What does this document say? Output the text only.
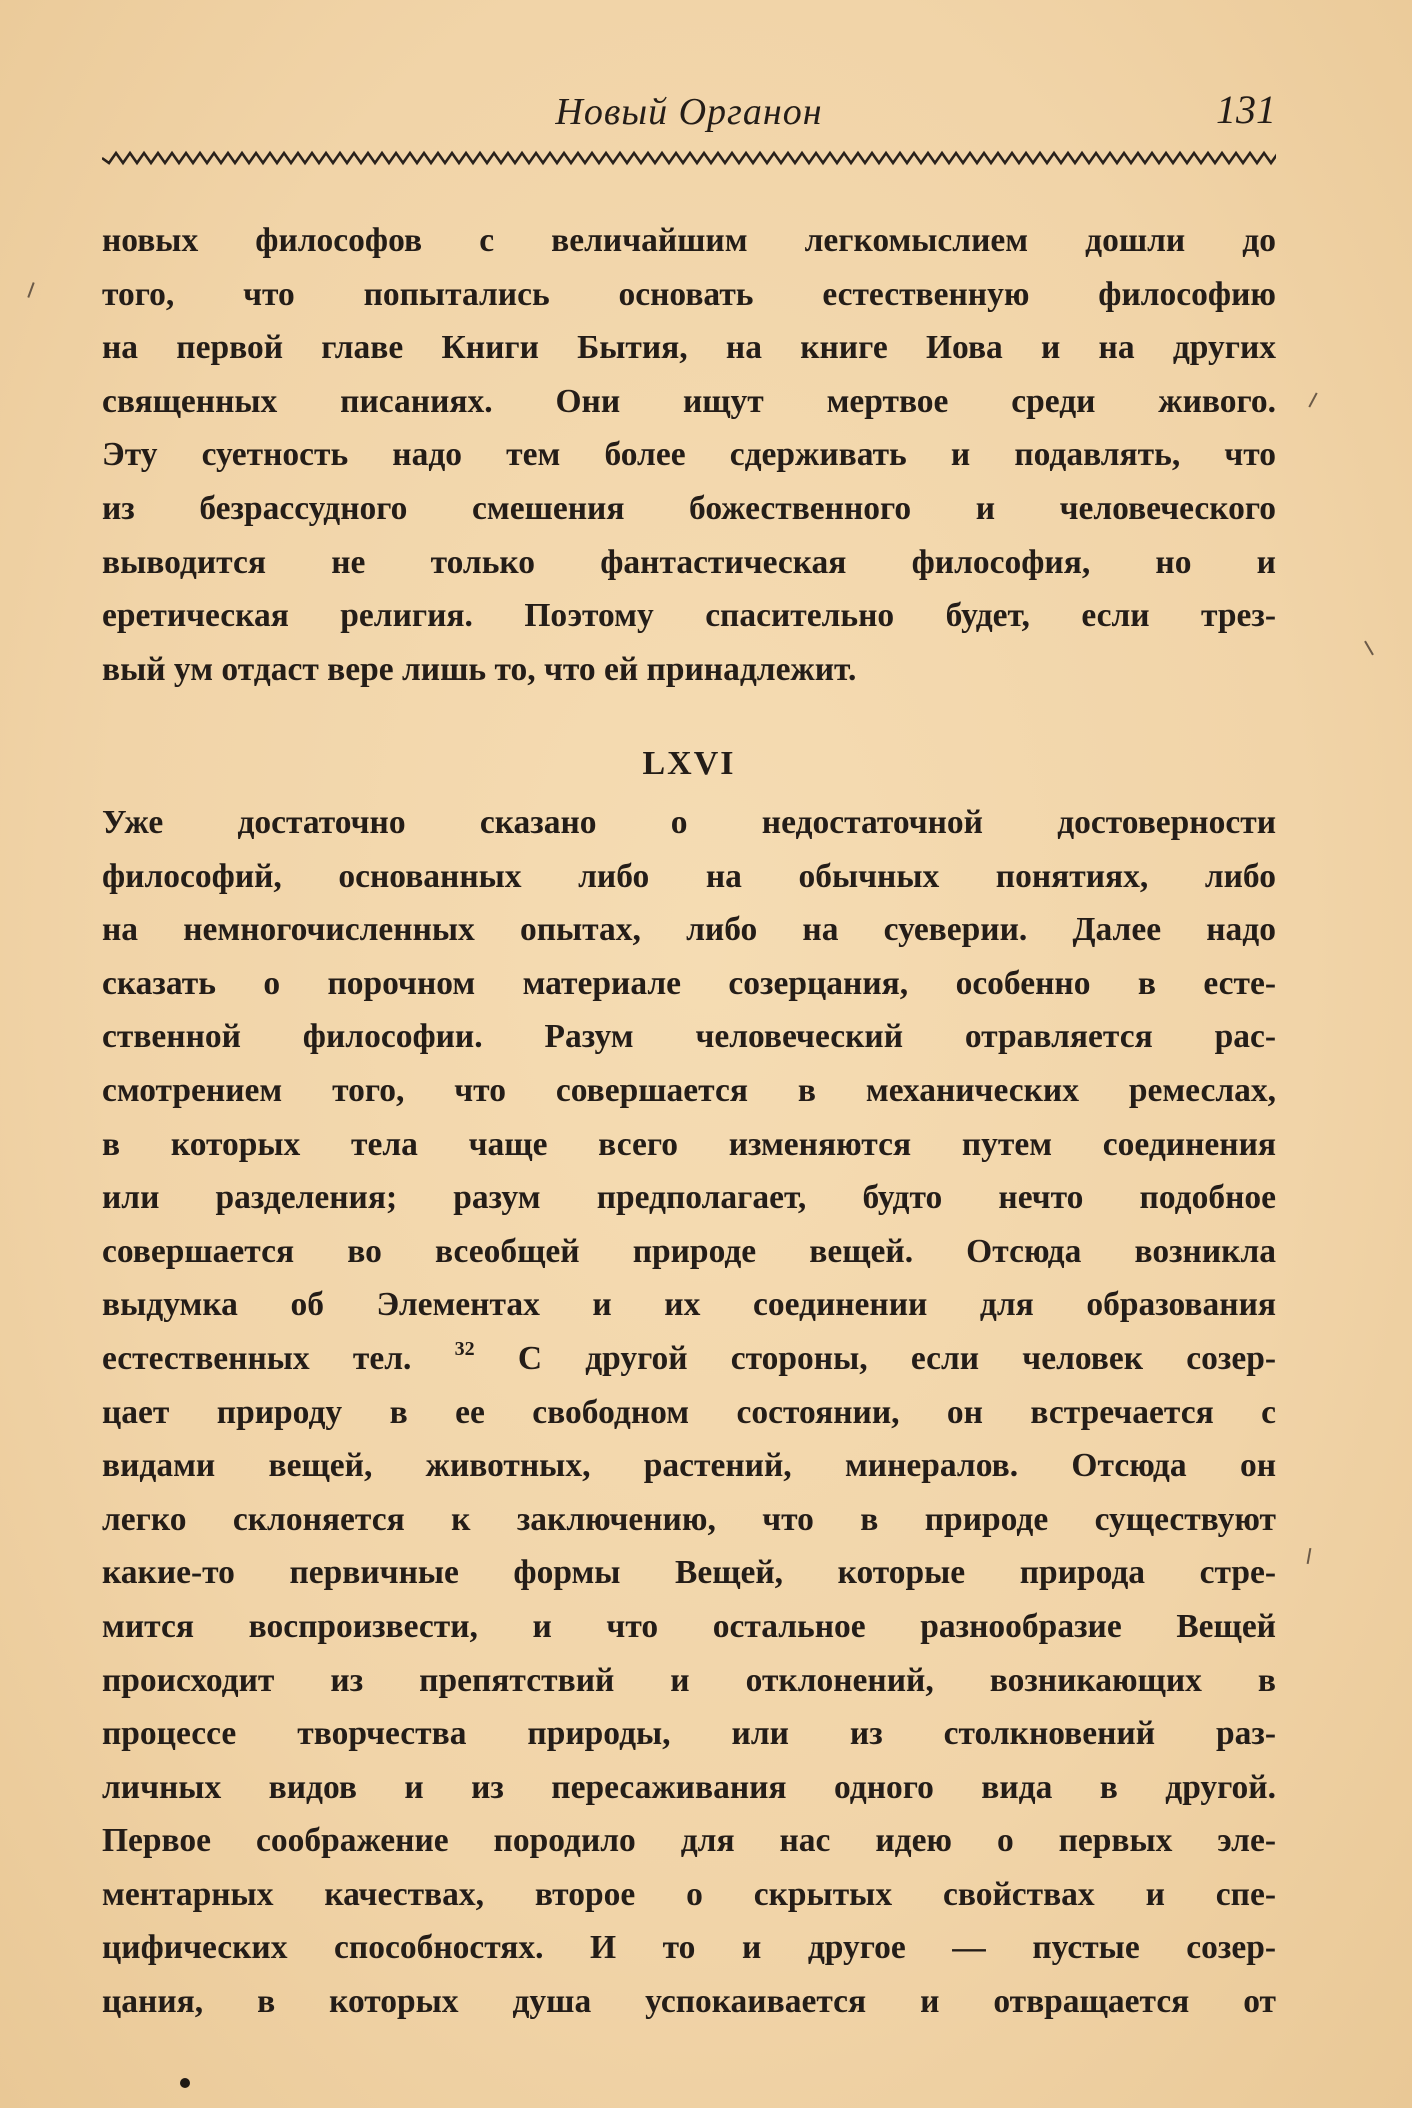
Новый Органон	131
новых философов с величайшим легкомыслием дошли до
того, что попытались основать естественную философию
на первой главе Книги Бытия, на книге Иова и на других
священных писаниях. Они ищут мертвое среди живого.
Эту суетность надо тем более сдерживать и подавлять, что
из безрассудного смешения божественного и человеческого
выводится не только фантастическая философия, но и
еретическая религия. Поэтому спасительно будет, если трез-
вый ум отдаст вере лишь то, что ей принадлежит.
LXVI
Уже достаточно сказано о недостаточной достоверности
философий, основанных либо на обычных понятиях, либо
на немногочисленных опытах, либо на суеверии. Далее надо
сказать о порочном материале созерцания, особенно в есте-
ственной философии. Разум человеческий отравляется рас-
смотрением того, что совершается в механических ремеслах,
в которых тела чаще всего изменяются путем соединения
или разделения; разум предполагает, будто нечто подобное
совершается во всеобщей природе вещей. Отсюда возникла
выдумка об Элементах и их соединении для образования
естественных тел. $^{32}$ С другой стороны, если человек созер-
цает природу в ее свободном состоянии, он встречается с
видами вещей, животных, растений, минералов. Отсюда он
легко склоняется к заключению, что в природе существуют
какие-то первичные формы Вещей, которые природа стре-
мится воспроизвести, и что остальное разнообразие Вещей
происходит из препятствий и отклонений, возникающих в
процессе творчества природы, или из столкновений раз-
личных видов и из пересаживания одного вида в другой.
Первое соображение породило для нас идею о первых эле-
ментарных качествах, второе о скрытых свойствах и спе-
цифических способностях. И то и другое — пустые созер-
цания, в которых душа успокаивается и отвращается от
